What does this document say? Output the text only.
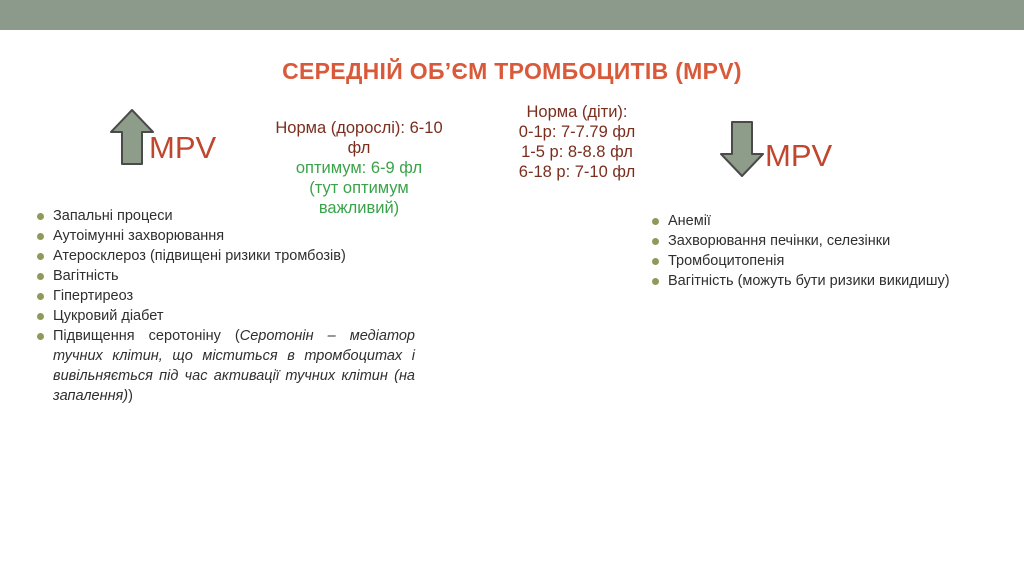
СЕРЕДНІЙ ОБ’ЄМ ТРОМБОЦИТІВ (MPV)
MPV	MPV
Норма (дорослі): 6-10
фл
оптимум: 6-9 фл
(тут оптимум
важливий)
Норма (діти):
0-1р: 7-7.79 фл
1-5 р: 8-8.8 фл
6-18 р: 7-10 фл
Запальні процеси
Аутоімунні захворювання
Атеросклероз (підвищені ризики тромбозів)
Вагітність
Гіпертиреоз
Цукровий діабет
Підвищення серотоніну (Серотонін – медіатор тучних клітин, що міститься в тромбоцитах і вивільняється під час активації тучних клітин (на запалення))
Анемії
Захворювання печінки, селезінки
Тромбоцитопенія
Вагітність (можуть бути ризики викидишу)
